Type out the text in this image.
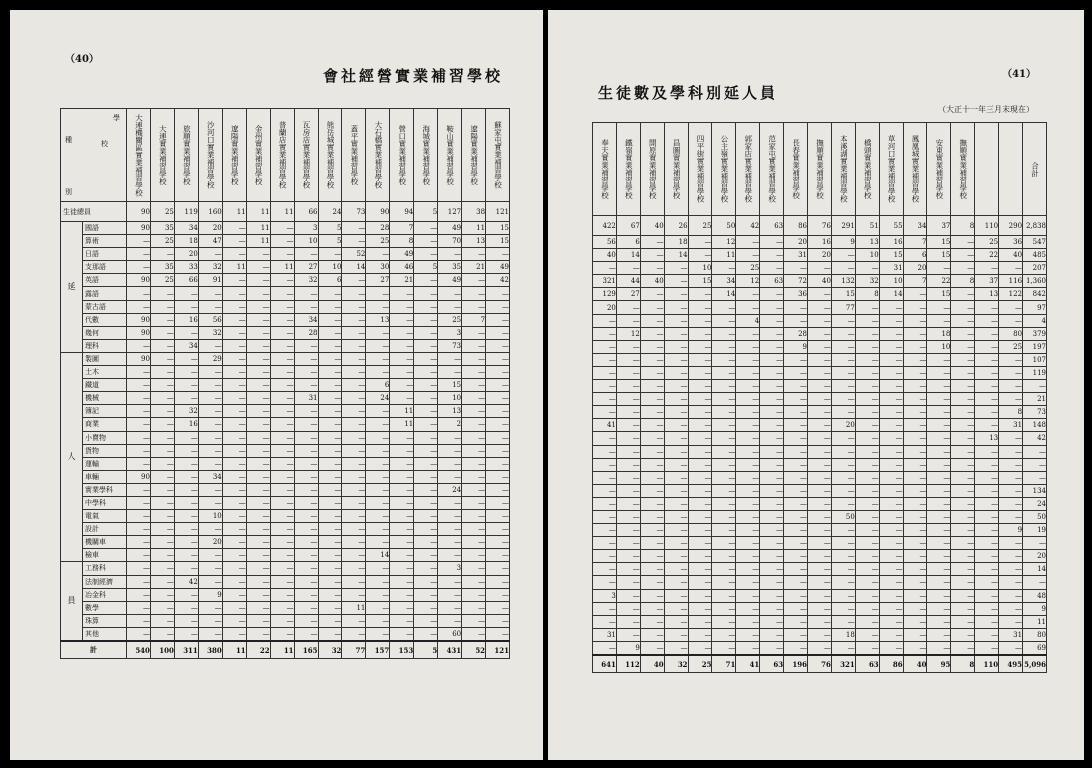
（40）
會社經營實業補習學校
學
校
種
別		大連機關區實業補習學校	大連實業補習學校	旅順實業補習學校	沙河口實業補習學校	遼陽實業補習學校	金州實業補習學校	普蘭店實業補習學校	瓦房店實業補習學校	熊岳城實業補習學校	蓋平實業補習學校	大石橋實業補習學校	營口實業補習學校	海城實業補習學校	鞍山實業補習學校	遼陽實業補習學校	蘇家屯實業補習學校
生徒總員		90	25	119	160	11	11	11	66	24	73	90	94	5	127	38	121
延	國語	90	35	34	20	—	11	—	3	5	—	28	7	—	49	11	15
	算術	—	25	18	47	—	11	—	10	5	—	25	8	—	70	13	15
	日語	—	—	20	—	—	—	—	—	—	52	—	49	—	—	—	—
	支那語	—	35	33	32	11	—	11	27	10	14	30	46	5	35	21	49
	英語	90	25	66	91	—	—	—	32	6	—	27	21	—	49	—	42
	露語	—	—	—	—	—	—	—	—	—	—	—	—	—	—	—	—
	蒙古語	—	—	—	—	—	—	—	—	—	—	—	—	—	—	—	—
	代數	90	—	16	56	—	—	—	34	—	—	13	—	—	25	7	—
	幾何	90	—	—	32	—	—	—	28	—	—	—	—	—	3	—	—
	理科	—	—	34	—	—	—	—	—	—	—	—	—	—	73	—	—
人	製圖	90	—	—	29	—	—	—	—	—	—	—	—	—	—	—	—
	土木	—	—	—	—	—	—	—	—	—	—	—	—	—	—	—	—
	鐵道	—	—	—	—	—	—	—	—	—	—	6	—	—	15	—	—
	機械	—	—	—	—	—	—	—	31	—	—	24	—	—	10	—	—
	簿記	—	—	32	—	—	—	—	—	—	—	—	11	—	13	—	—
	商業	—	—	16	—	—	—	—	—	—	—	—	11	—	2	—	—
	小賣物	—	—	—	—	—	—	—	—	—	—	—	—	—	—	—	—
	貨物	—	—	—	—	—	—	—	—	—	—	—	—	—	—	—	—
	運輸	—	—	—	—	—	—	—	—	—	—	—	—	—	—	—	—
	車輛	90	—	—	34	—	—	—	—	—	—	—	—	—	—	—	—
	實業學科	—	—	—	—	—	—	—	—	—	—	—	—	—	24	—	—
	中學科	—	—	—	—	—	—	—	—	—	—	—	—	—	—	—	—
	電氣	—	—	—	10	—	—	—	—	—	—	—	—	—	—	—	—
	設計	—	—	—	—	—	—	—	—	—	—	—	—	—	—	—	—
	機關車	—	—	—	20	—	—	—	—	—	—	—	—	—	—	—	—
	檢車	—	—	—	—	—	—	—	—	—	—	14	—	—	—	—	—
員	工務科	—	—	—	—	—	—	—	—	—	—	—	—	—	3	—	—
	法制經濟	—	—	42	—	—	—	—	—	—	—	—	—	—	—	—	—
	冶金科	—	—	—	9	—	—	—	—	—	—	—	—	—	—	—	—
	數學	—	—	—	—	—	—	—	—	—	11	—	—	—	—	—	—
	珠算	—	—	—	—	—	—	—	—	—	—	—	—	—	—	—	—
	其他	—	—	—	—	—	—	—	—	—	—	—	—	—	60	—	—
計		540	100	311	380	11	22	11	165	32	77	157	153	5	431	52	121
（41）
生徒數及學科別延人員
（大正十一年三月末現在）
奉天實業補習學校	鐵嶺實業補習學校	開原實業補習學校	昌圖實業補習學校	四平街實業補習學校	公主嶺實業補習學校	郭家店實業補習學校	范家屯實業補習學校	長春實業補習學校	撫順實業補習學校	本溪湖實業補習學校	橋頭實業補習學校	草河口實業補習學校	鳳凰城實業補習學校	安東實業補習學校	撫順實業補習學校			合計
422	67	40	26	25	50	42	63	86	76	291	51	55	34	37	8	110	290	2,838
56	6	—	18	—	12	—	—	20	16	9	13	16	7	15	—	25	36	547
40	14	—	14	—	11	—	—	31	20	—	10	15	6	15	—	22	40	485
—	—	—	—	10	—	25	—	—	—	—	—	31	20	—	—	—	—	207
321	44	40	—	15	34	12	63	72	40	132	32	10	7	22	8	37	116	1,360
129	27	—	—	—	14	—	—	36	—	15	8	14	—	15	—	13	122	842
20	—	—	—	—	—	—	—	—	—	77	—	—	—	—	—	—	—	97
—	—	—	—	—	—	4	—	—	—	—	—	—	—	—	—	—	—	4
—	12	—	—	—	—	—	—	28	—	—	—	—	—	18	—	—	80	379
—	—	—	—	—	—	—	—	9	—	—	—	—	—	10	—	—	25	197
—	—	—	—	—	—	—	—	—	—	—	—	—	—	—	—	—	—	107
—	—	—	—	—	—	—	—	—	—	—	—	—	—	—	—	—	—	119
—	—	—	—	—	—	—	—	—	—	—	—	—	—	—	—	—	—	—
—	—	—	—	—	—	—	—	—	—	—	—	—	—	—	—	—	—	21
—	—	—	—	—	—	—	—	—	—	—	—	—	—	—	—	—	8	73
41	—	—	—	—	—	—	—	—	—	20	—	—	—	—	—	—	31	148
—	—	—	—	—	—	—	—	—	—	—	—	—	—	—	—	13	—	42
—	—	—	—	—	—	—	—	—	—	—	—	—	—	—	—	—	—	—
—	—	—	—	—	—	—	—	—	—	—	—	—	—	—	—	—	—	—
—	—	—	—	—	—	—	—	—	—	—	—	—	—	—	—	—	—	—
—	—	—	—	—	—	—	—	—	—	—	—	—	—	—	—	—	—	134
—	—	—	—	—	—	—	—	—	—	—	—	—	—	—	—	—	—	24
—	—	—	—	—	—	—	—	—	—	50	—	—	—	—	—	—	—	50
—	—	—	—	—	—	—	—	—	—	—	—	—	—	—	—	—	9	19
—	—	—	—	—	—	—	—	—	—	—	—	—	—	—	—	—	—	—
—	—	—	—	—	—	—	—	—	—	—	—	—	—	—	—	—	—	20
—	—	—	—	—	—	—	—	—	—	—	—	—	—	—	—	—	—	14
—	—	—	—	—	—	—	—	—	—	—	—	—	—	—	—	—	—	—
3	—	—	—	—	—	—	—	—	—	—	—	—	—	—	—	—	—	48
—	—	—	—	—	—	—	—	—	—	—	—	—	—	—	—	—	—	9
—	—	—	—	—	—	—	—	—	—	—	—	—	—	—	—	—	—	11
31	—	—	—	—	—	—	—	—	—	18	—	—	—	—	—	—	31	80
—	9	—	—	—	—	—	—	—	—	—	—	—	—	—	—	—	—	69
641	112	40	32	25	71	41	63	196	76	321	63	86	40	95	8	110	495	5,096
